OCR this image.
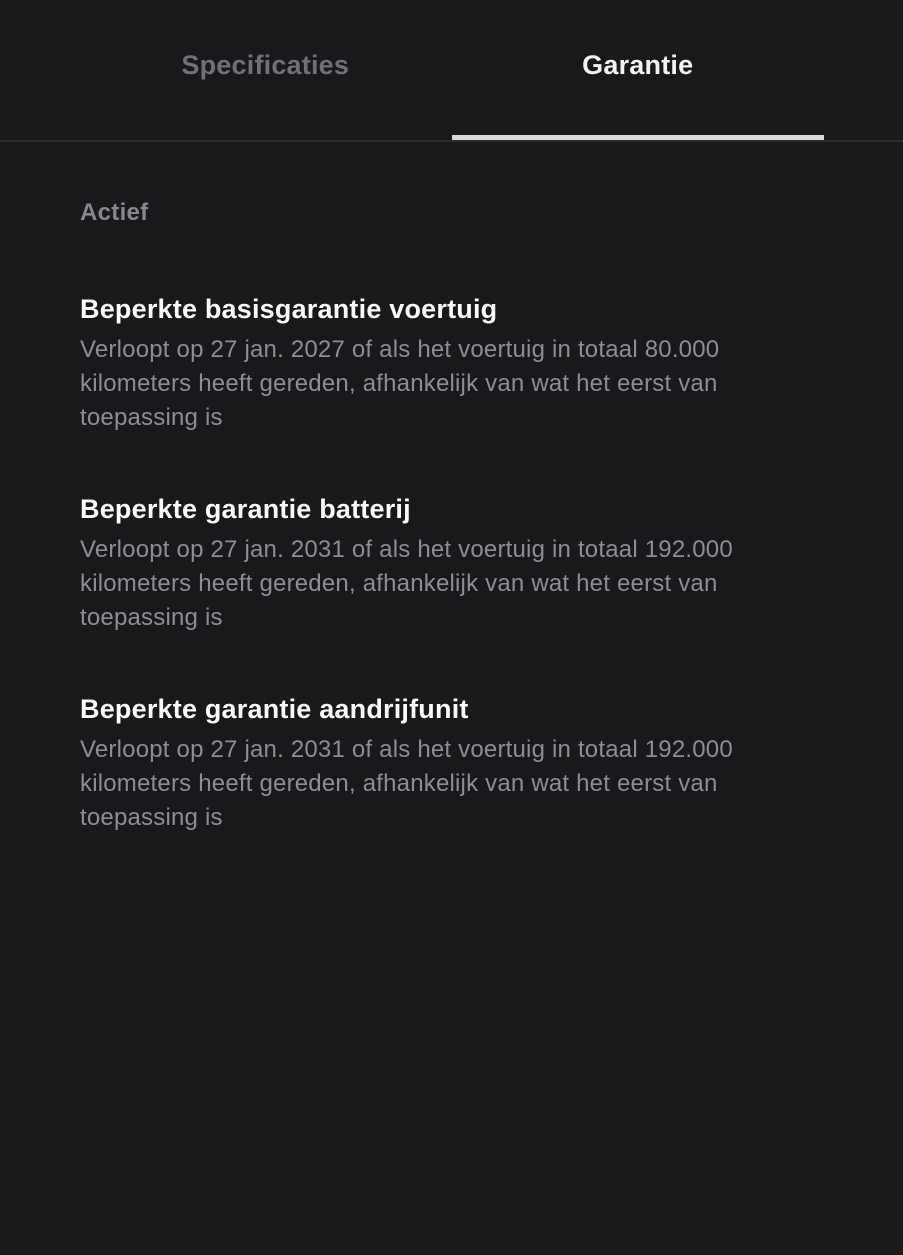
Specificaties	Garantie
Actief
Beperkte basisgarantie voertuig

Verloopt op 27 jan. 2027 of als het voertuig in totaal 80.000 kilometers heeft gereden, afhankelijk van wat het eerst van toepassing is

Beperkte garantie batterij

Verloopt op 27 jan. 2031 of als het voertuig in totaal 192.000 kilometers heeft gereden, afhankelijk van wat het eerst van toepassing is

Beperkte garantie aandrijfunit

Verloopt op 27 jan. 2031 of als het voertuig in totaal 192.000 kilometers heeft gereden, afhankelijk van wat het eerst van toepassing is
